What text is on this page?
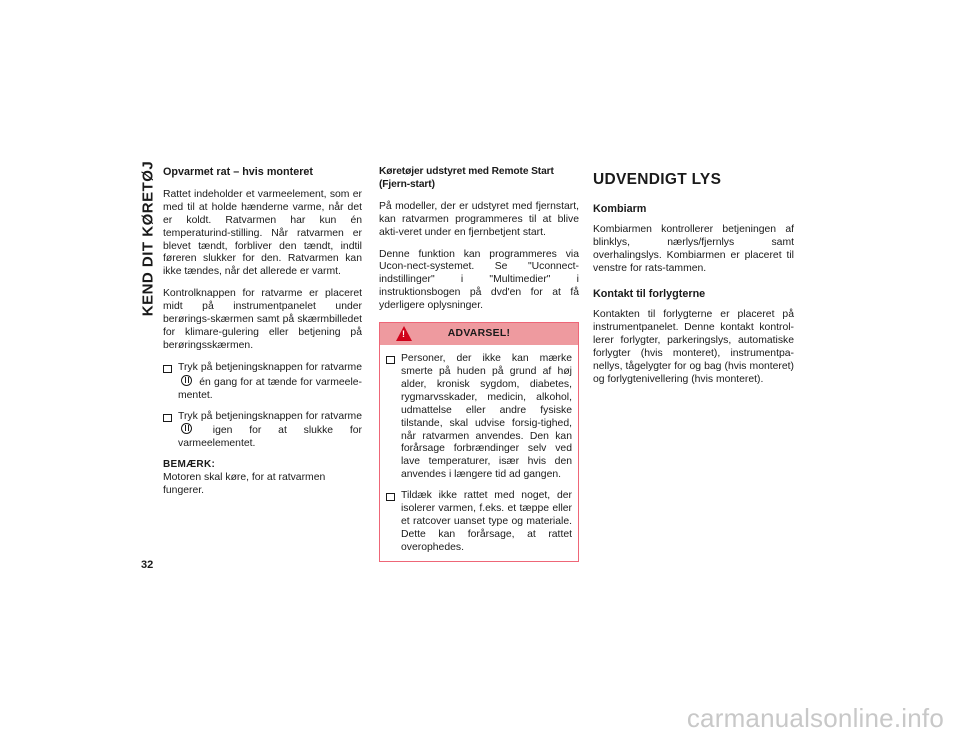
KEND DIT KØRETØJ
32
Opvarmet rat – hvis monteret

Rattet indeholder et varmeelement, som er med til at holde hænderne varme, når det er koldt. Ratvarmen har kun én temperaturind-stilling. Når ratvarmen er blevet tændt, forbliver den tændt, indtil føreren slukker for den. Ratvarmen kan ikke tændes, når det allerede er varmt.

Kontrolknappen for ratvarme er placeret midt på instrumentpanelet under berørings-skærmen samt på skærmbilledet for klimare-gulering eller betjening på berøringsskærmen.

Tryk på betjeningsknappen for ratvarme  én gang for at tænde for varmeele-mentet.
Tryk på betjeningsknappen for ratvarme  igen for at slukke for varmeelementet.
BEMÆRK:
Motoren skal køre, for at ratvarmen fungerer.
Køretøjer udstyret med Remote Start (Fjern-start)

På modeller, der er udstyret med fjernstart, kan ratvarmen programmeres til at blive akti-veret under en fjernbetjent start.

Denne funktion kan programmeres via Ucon-nect-systemet. Se "Uconnect-indstillinger" i "Multimedier" i instruktionsbogen på dvd'en for at få yderligere oplysninger.

!
ADVARSEL!
Personer, der ikke kan mærke smerte på huden på grund af høj alder, kronisk sygdom, diabetes, rygmarvsskader, medicin, alkohol, udmattelse eller andre fysiske tilstande, skal udvise forsig-tighed, når ratvarmen anvendes. Den kan forårsage forbrændinger selv ved lave temperaturer, især hvis den anvendes i længere tid ad gangen.
Tildæk ikke rattet med noget, der isolerer varmen, f.eks. et tæppe eller et ratcover uanset type og materiale. Dette kan forårsage, at rattet overophedes.
UDVENDIGT LYS
Kombiarm

Kombiarmen kontrollerer betjeningen af blinklys, nærlys/fjernlys samt overhalingslys. Kombiarmen er placeret til venstre for rats-tammen.

Kontakt til forlygterne

Kontakten til forlygterne er placeret på instrumentpanelet. Denne kontakt kontrol-lerer forlygter, parkeringslys, automatiske forlygter (hvis monteret), instrumentpa-nellys, tågelygter for og bag (hvis monteret) og forlygtenivellering (hvis monteret).

carmanualsonline.info
